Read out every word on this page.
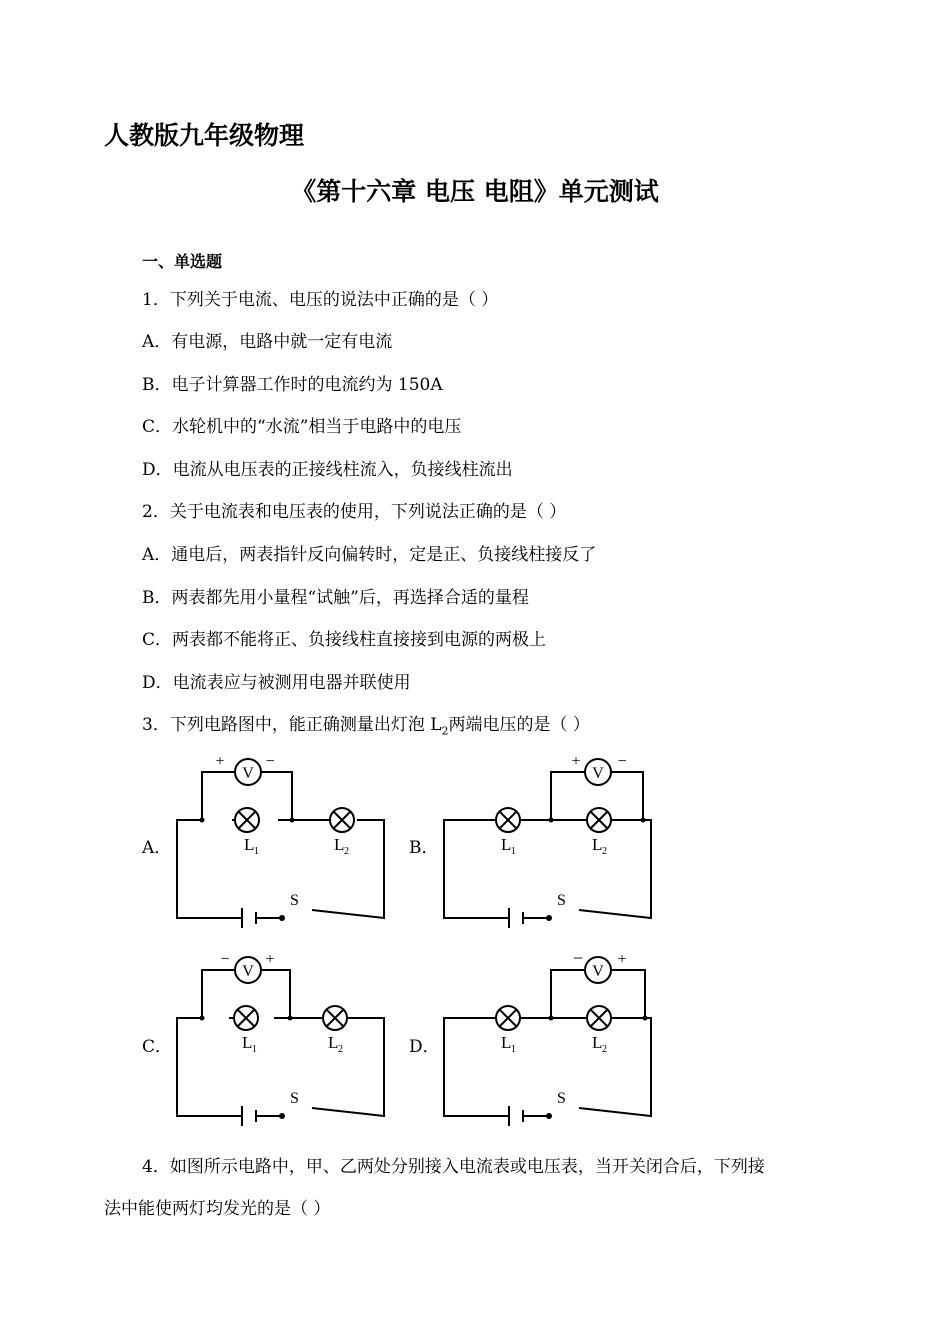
人教版九年级物理
《第十六章 电压 电阻》单元测试
一、单选题
1．下列关于电流、电压的说法中正确的是（ ）
A．有电源，电路中就一定有电流
B．电子计算器工作时的电流约为 150A
C．水轮机中的“水流”相当于电路中的电压
D．电流从电压表的正接线柱流入，负接线柱流出
2．关于电流表和电压表的使用，下列说法正确的是（ ）
A．通电后，两表指针反向偏转时，定是正、负接线柱接反了
B．两表都先用小量程“试触”后，再选择合适的量程
C．两表都不能将正、负接线柱直接接到电源的两极上
D．电流表应与被测用电器并联使用
3．下列电路图中，能正确测量出灯泡 $L_2$两端电压的是（ ）
A．	B．
C．	D．
V
+	−
L 1	L 2
S
V
+ −
L 1	L 2
S
V
− +
L 1	L 2
S
V
− +
L 1	L 2
S
4．如图所示电路中，甲、乙两处分别接入电流表或电压表，当开关闭合后，下列接
法中能使两灯均发光的是（ ）
